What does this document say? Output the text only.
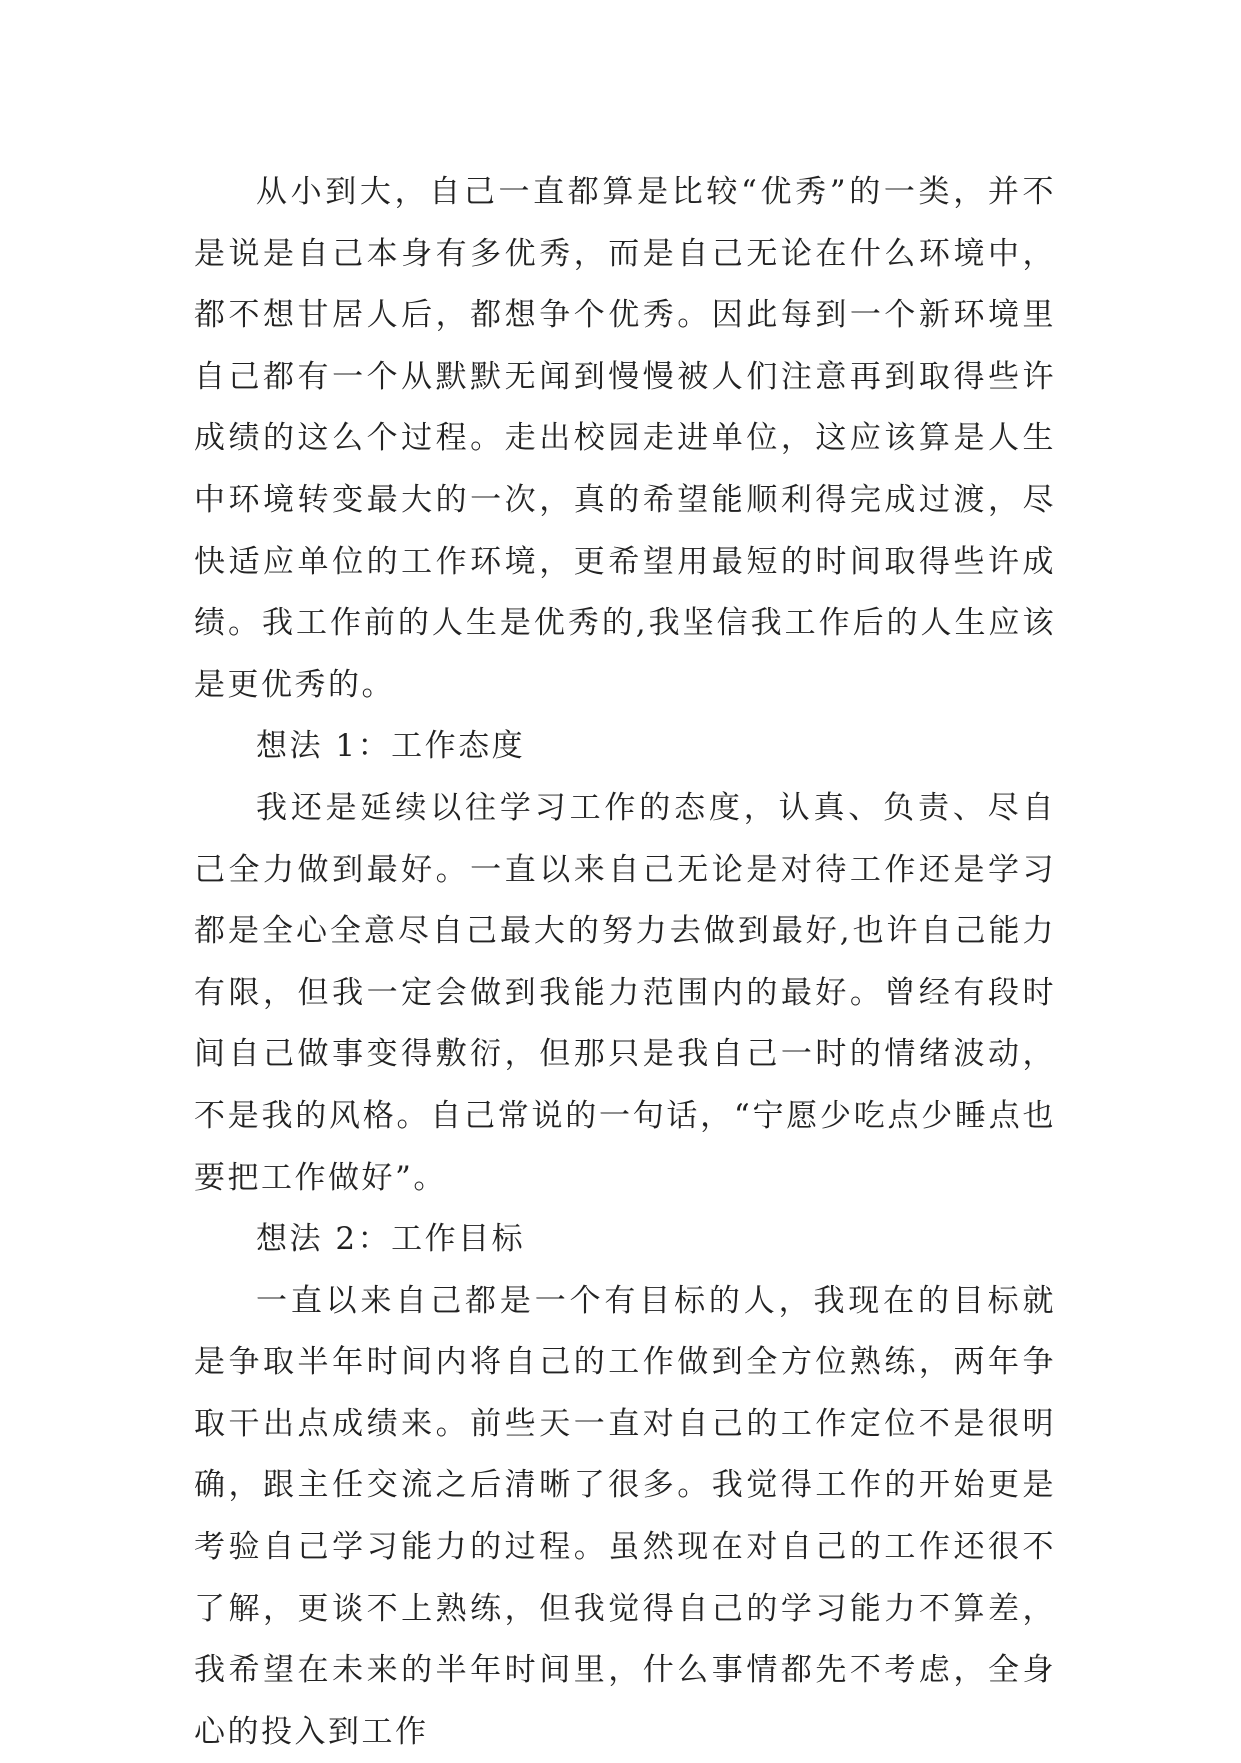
从小到大，自己一直都算是比较“优秀”的一类，并不是说是自己本身有多优秀，而是自己无论在什么环境中，都不想甘居人后，都想争个优秀。因此每到一个新环境里自己都有一个从默默无闻到慢慢被人们注意再到取得些许成绩的这么个过程。走出校园走进单位，这应该算是人生中环境转变最大的一次，真的希望能顺利得完成过渡，尽快适应单位的工作环境，更希望用最短的时间取得些许成绩。我工作前的人生是优秀的,我坚信我工作后的人生应该是更优秀的。

想法 1：工作态度

我还是延续以往学习工作的态度，认真、负责、尽自己全力做到最好。一直以来自己无论是对待工作还是学习都是全心全意尽自己最大的努力去做到最好,也许自己能力有限，但我一定会做到我能力范围内的最好。曾经有段时间自己做事变得敷衍，但那只是我自己一时的情绪波动，不是我的风格。自己常说的一句话，“宁愿少吃点少睡点也要把工作做好”。

想法 2：工作目标

一直以来自己都是一个有目标的人，我现在的目标就是争取半年时间内将自己的工作做到全方位熟练，两年争取干出点成绩来。前些天一直对自己的工作定位不是很明确，跟主任交流之后清晰了很多。我觉得工作的开始更是考验自己学习能力的过程。虽然现在对自己的工作还很不了解，更谈不上熟练，但我觉得自己的学习能力不算差，我希望在未来的半年时间里，什么事情都先不考虑，全身心的投入到工作
